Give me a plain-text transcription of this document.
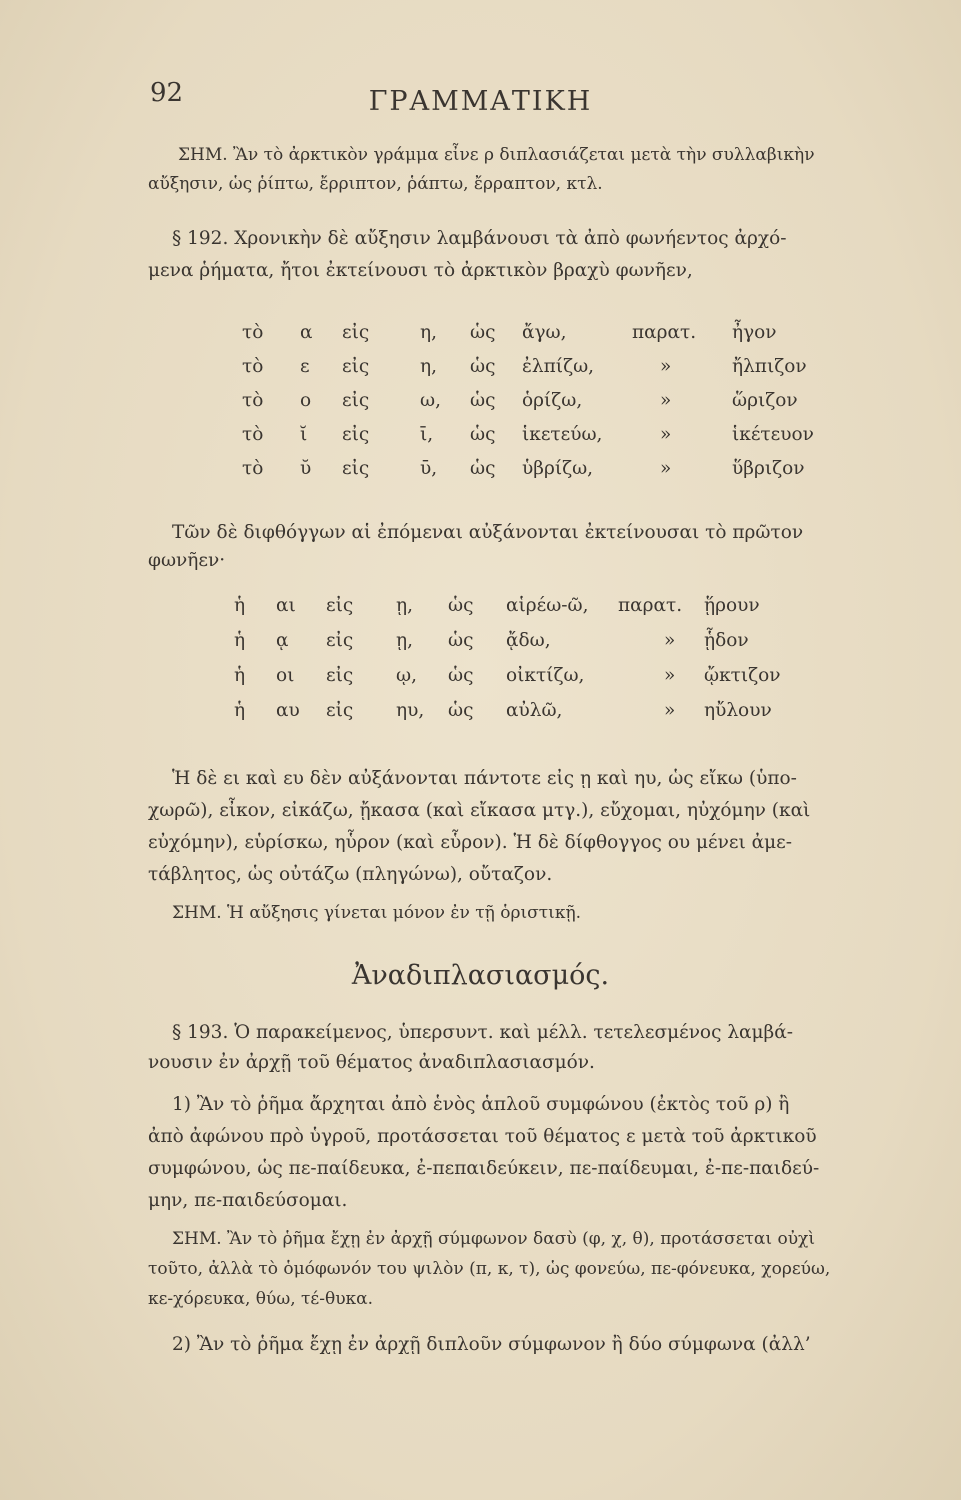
92	ΓΡΑΜΜΑΤΙΚΗ
ΣΗΜ. Ἂν τὸ ἀρκτικὸν γράμμα εἶνε ρ διπλασιάζεται μετὰ τὴν συλλαβικὴν
αὔξησιν, ὡς ῥίπτω, ἔρριπτον, ῥάπτω, ἔρραπτον, κτλ.
§ 192. Χρονικὴν δὲ αὔξησιν λαμβάνουσι τὰ ἀπὸ φωνήεντος ἀρχό-
μενα ῥήματα, ἤτοι ἐκτείνουσι τὸ ἀρκτικὸν βραχὺ φωνῆεν,
τὸ α εἰς	η, ὡς ἄγω,	παρατ. ἦγον
τὸ ε εἰς	η, ὡς ἐλπίζω,	»	ἤλπιζον
τὸ ο εἰς	ω, ὡς ὁρίζω,	»	ὥριζον
τὸ ῐ εἰς	ῑ, ὡς ἱκετεύω,	»	ἱκέτευον
τὸ ῠ εἰς	ῡ, ὡς ὑβρίζω,	»	ὕβριζον
Τῶν δὲ διφθόγγων αἱ ἐπόμεναι αὐξάνονται ἐκτείνουσαι τὸ πρῶτον
φωνῆεν·
ἡ αι εἰς ῃ, ὡς αἱρέω-ῶ, παρατ. ᾕρουν
ἡ ᾳ εἰς ῃ, ὡς ᾄδω,	» ᾗδον
ἡ οι εἰς ῳ, ὡς οἰκτίζω,	» ᾤκτιζον
ἡ αυ εἰς ηυ, ὡς αὐλῶ,	» ηὔλουν
Ἡ δὲ ει καὶ ευ δὲν αὐξάνονται πάντοτε εἰς ῃ καὶ ηυ, ὡς εἴκω (ὑπο-
χωρῶ), εἶκον, εἰκάζω, ᾔκασα (καὶ εἴκασα μτγ.), εὔχομαι, ηὐχόμην (καὶ
εὐχόμην), εὑρίσκω, ηὗρον (καὶ εὗρον). Ἡ δὲ δίφθογγος ου μένει ἀμε-
τάβλητος, ὡς οὐτάζω (πληγώνω), οὔταζον.
ΣΗΜ. Ἡ αὔξησις γίνεται μόνον ἐν τῇ ὁριστικῇ.
Ἀναδιπλασιασμός.
§ 193. Ὁ παρακείμενος, ὑπερσυντ. καὶ μέλλ. τετελεσμένος λαμβά-
νουσιν ἐν ἀρχῇ τοῦ θέματος ἀναδιπλασιασμόν.
1) Ἂν τὸ ῥῆμα ἄρχηται ἀπὸ ἑνὸς ἁπλοῦ συμφώνου (ἐκτὸς τοῦ ρ) ἢ
ἀπὸ ἀφώνου πρὸ ὑγροῦ, προτάσσεται τοῦ θέματος ε μετὰ τοῦ ἀρκτικοῦ
συμφώνου, ὡς πε-παίδευκα, ἐ-πεπαιδεύκειν, πε-παίδευμαι, ἐ-πε-παιδεύ-
μην, πε-παιδεύσομαι.
ΣΗΜ. Ἂν τὸ ῥῆμα ἔχῃ ἐν ἀρχῇ σύμφωνον δασὺ (φ, χ, θ), προτάσσεται οὐχὶ
τοῦτο, ἀλλὰ τὸ ὁμόφωνόν του ψιλὸν (π, κ, τ), ὡς φονεύω, πε-φόνευκα, χορεύω,
κε-χόρευκα, θύω, τέ-θυκα.
2) Ἂν τὸ ῥῆμα ἔχῃ ἐν ἀρχῇ διπλοῦν σύμφωνον ἢ δύο σύμφωνα (ἀλλ’
